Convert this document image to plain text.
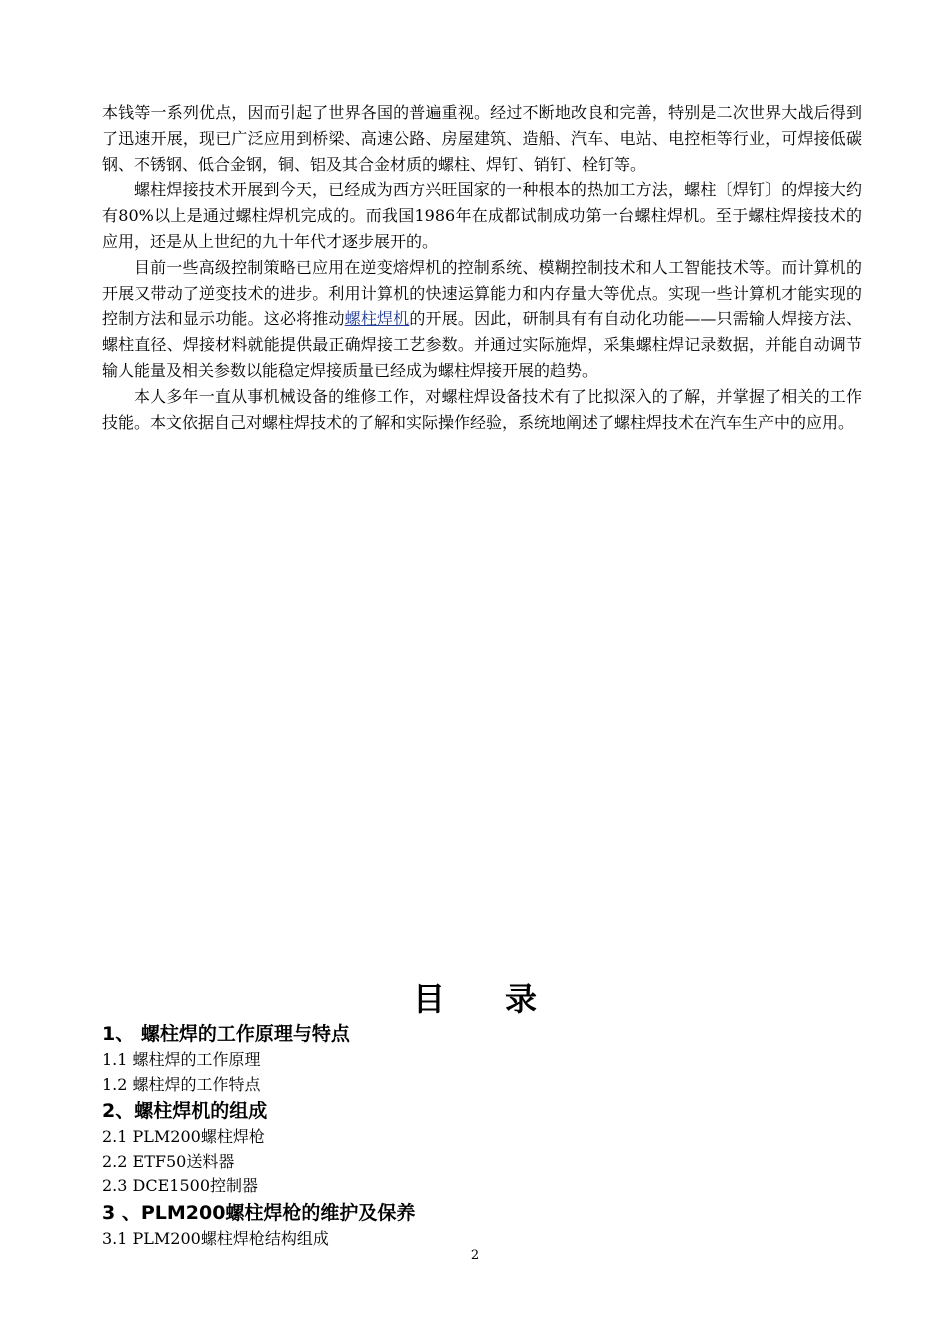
本钱等一系列优点，因而引起了世界各国的普遍重视。经过不断地改良和完善，特别是二次世界大战后得到了迅速开展，现已广泛应用到桥梁、高速公路、房屋建筑、造船、汽车、电站、电控柜等行业，可焊接低碳钢、不锈钢、低合金钢，铜、铝及其合金材质的螺柱、焊钉、销钉、栓钉等。

螺柱焊接技术开展到今天，已经成为西方兴旺国家的一种根本的热加工方法，螺柱〔焊钉〕的焊接大约有80%以上是通过螺柱焊机完成的。而我国1986年在成都试制成功第一台螺柱焊机。至于螺柱焊接技术的应用，还是从上世纪的九十年代才逐步展开的。

目前一些高级控制策略已应用在逆变熔焊机的控制系统、模糊控制技术和人工智能技术等。而计算机的开展又带动了逆变技术的进步。利用计算机的快速运算能力和内存量大等优点。实现一些计算机才能实现的控制方法和显示功能。这必将推动螺柱焊机的开展。因此，研制具有有自动化功能——只需输人焊接方法、螺柱直径、焊接材料就能提供最正确焊接工艺参数。并通过实际施焊，采集螺柱焊记录数据，并能自动调节输人能量及相关参数以能稳定焊接质量已经成为螺柱焊接开展的趋势。

本人多年一直从事机械设备的维修工作，对螺柱焊设备技术有了比拟深入的了解，并掌握了相关的工作技能。本文依据自己对螺柱焊技术的了解和实际操作经验，系统地阐述了螺柱焊技术在汽车生产中的应用。

目录
1、 螺柱焊的工作原理与特点
1.1 螺柱焊的工作原理
1.2 螺柱焊的工作特点
2、螺柱焊机的组成
2.1 PLM200螺柱焊枪
2.2 ETF50送料器
2.3 DCE1500控制器
3 、PLM200螺柱焊枪的维护及保养
3.1 PLM200螺柱焊枪结构组成
2
